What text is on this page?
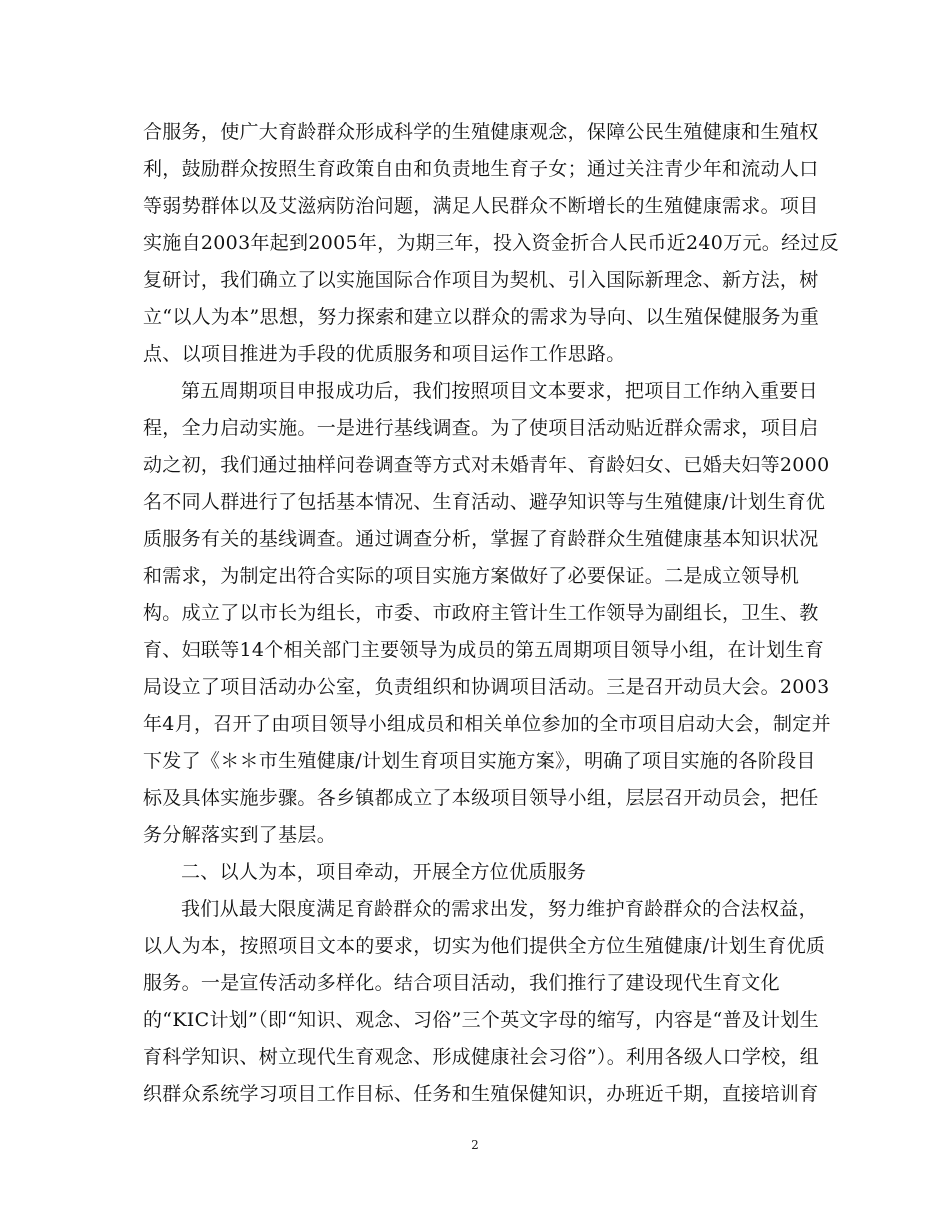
合服务，使广大育龄群众形成科学的生殖健康观念，保障公民生殖健康和生殖权
利，鼓励群众按照生育政策自由和负责地生育子女；通过关注青少年和流动人口
等弱势群体以及艾滋病防治问题，满足人民群众不断增长的生殖健康需求。项目
实施自2003年起到2005年，为期三年，投入资金折合人民币近240万元。经过反
复研讨，我们确立了以实施国际合作项目为契机、引入国际新理念、新方法，树
立“以人为本”思想，努力探索和建立以群众的需求为导向、以生殖保健服务为重
点、以项目推进为手段的优质服务和项目运作工作思路。
第五周期项目申报成功后，我们按照项目文本要求，把项目工作纳入重要日
程，全力启动实施。一是进行基线调查。为了使项目活动贴近群众需求，项目启
动之初，我们通过抽样问卷调查等方式对未婚青年、育龄妇女、已婚夫妇等2000
名不同人群进行了包括基本情况、生育活动、避孕知识等与生殖健康/计划生育优
质服务有关的基线调查。通过调查分析，掌握了育龄群众生殖健康基本知识状况
和需求，为制定出符合实际的项目实施方案做好了必要保证。二是成立领导机
构。成立了以市长为组长，市委、市政府主管计生工作领导为副组长，卫生、教
育、妇联等14个相关部门主要领导为成员的第五周期项目领导小组，在计划生育
局设立了项目活动办公室，负责组织和协调项目活动。三是召开动员大会。2003
年4月，召开了由项目领导小组成员和相关单位参加的全市项目启动大会，制定并
下发了《＊＊市生殖健康/计划生育项目实施方案》，明确了项目实施的各阶段目
标及具体实施步骤。各乡镇都成立了本级项目领导小组，层层召开动员会，把任
务分解落实到了基层。
二、以人为本，项目牵动，开展全方位优质服务
我们从最大限度满足育龄群众的需求出发，努力维护育龄群众的合法权益，
以人为本，按照项目文本的要求，切实为他们提供全方位生殖健康/计划生育优质
服务。一是宣传活动多样化。结合项目活动，我们推行了建设现代生育文化
的“KIC计划”（即“知识、观念、习俗”三个英文字母的缩写，内容是“普及计划生
育科学知识、树立现代生育观念、形成健康社会习俗”）。利用各级人口学校，组
织群众系统学习项目工作目标、任务和生殖保健知识，办班近千期，直接培训育
2
